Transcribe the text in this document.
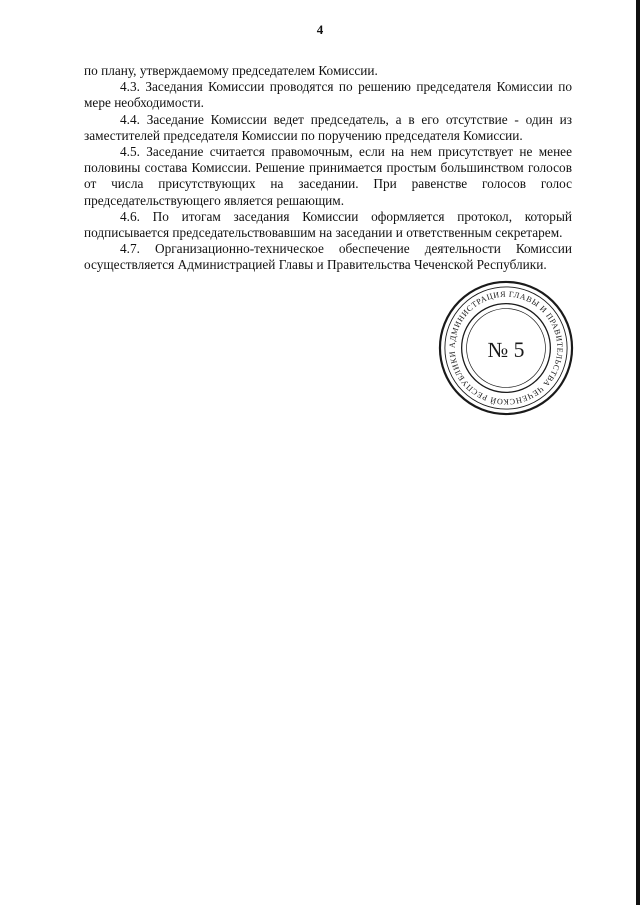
4

по плану, утверждаемому председателем Комиссии.

4.3. Заседания Комиссии проводятся по решению председателя Комиссии по мере необходимости.

4.4. Заседание Комиссии ведет председатель, а в его отсутствие - один из заместителей председателя Комиссии по поручению председателя Комиссии.

4.5. Заседание считается правомочным, если на нем присутствует не менее половины состава Комиссии. Решение принимается простым большинством голосов от числа присутствующих на заседании. При равенстве голосов голос председательствующего является решающим.

4.6. По итогам заседания Комиссии оформляется протокол, который подписывается председательствовавшим на заседании и ответственным секретарем.

4.7. Организационно-техническое обеспечение деятельности Комиссии осуществляется Администрацией Главы и Правительства Чеченской Республики.

АДМИНИСТРАЦИЯ ГЛАВЫ И ПРАВИТЕЛЬСТВА ЧЕЧЕНСКОЙ РЕСПУБЛИКИ	№ 5
